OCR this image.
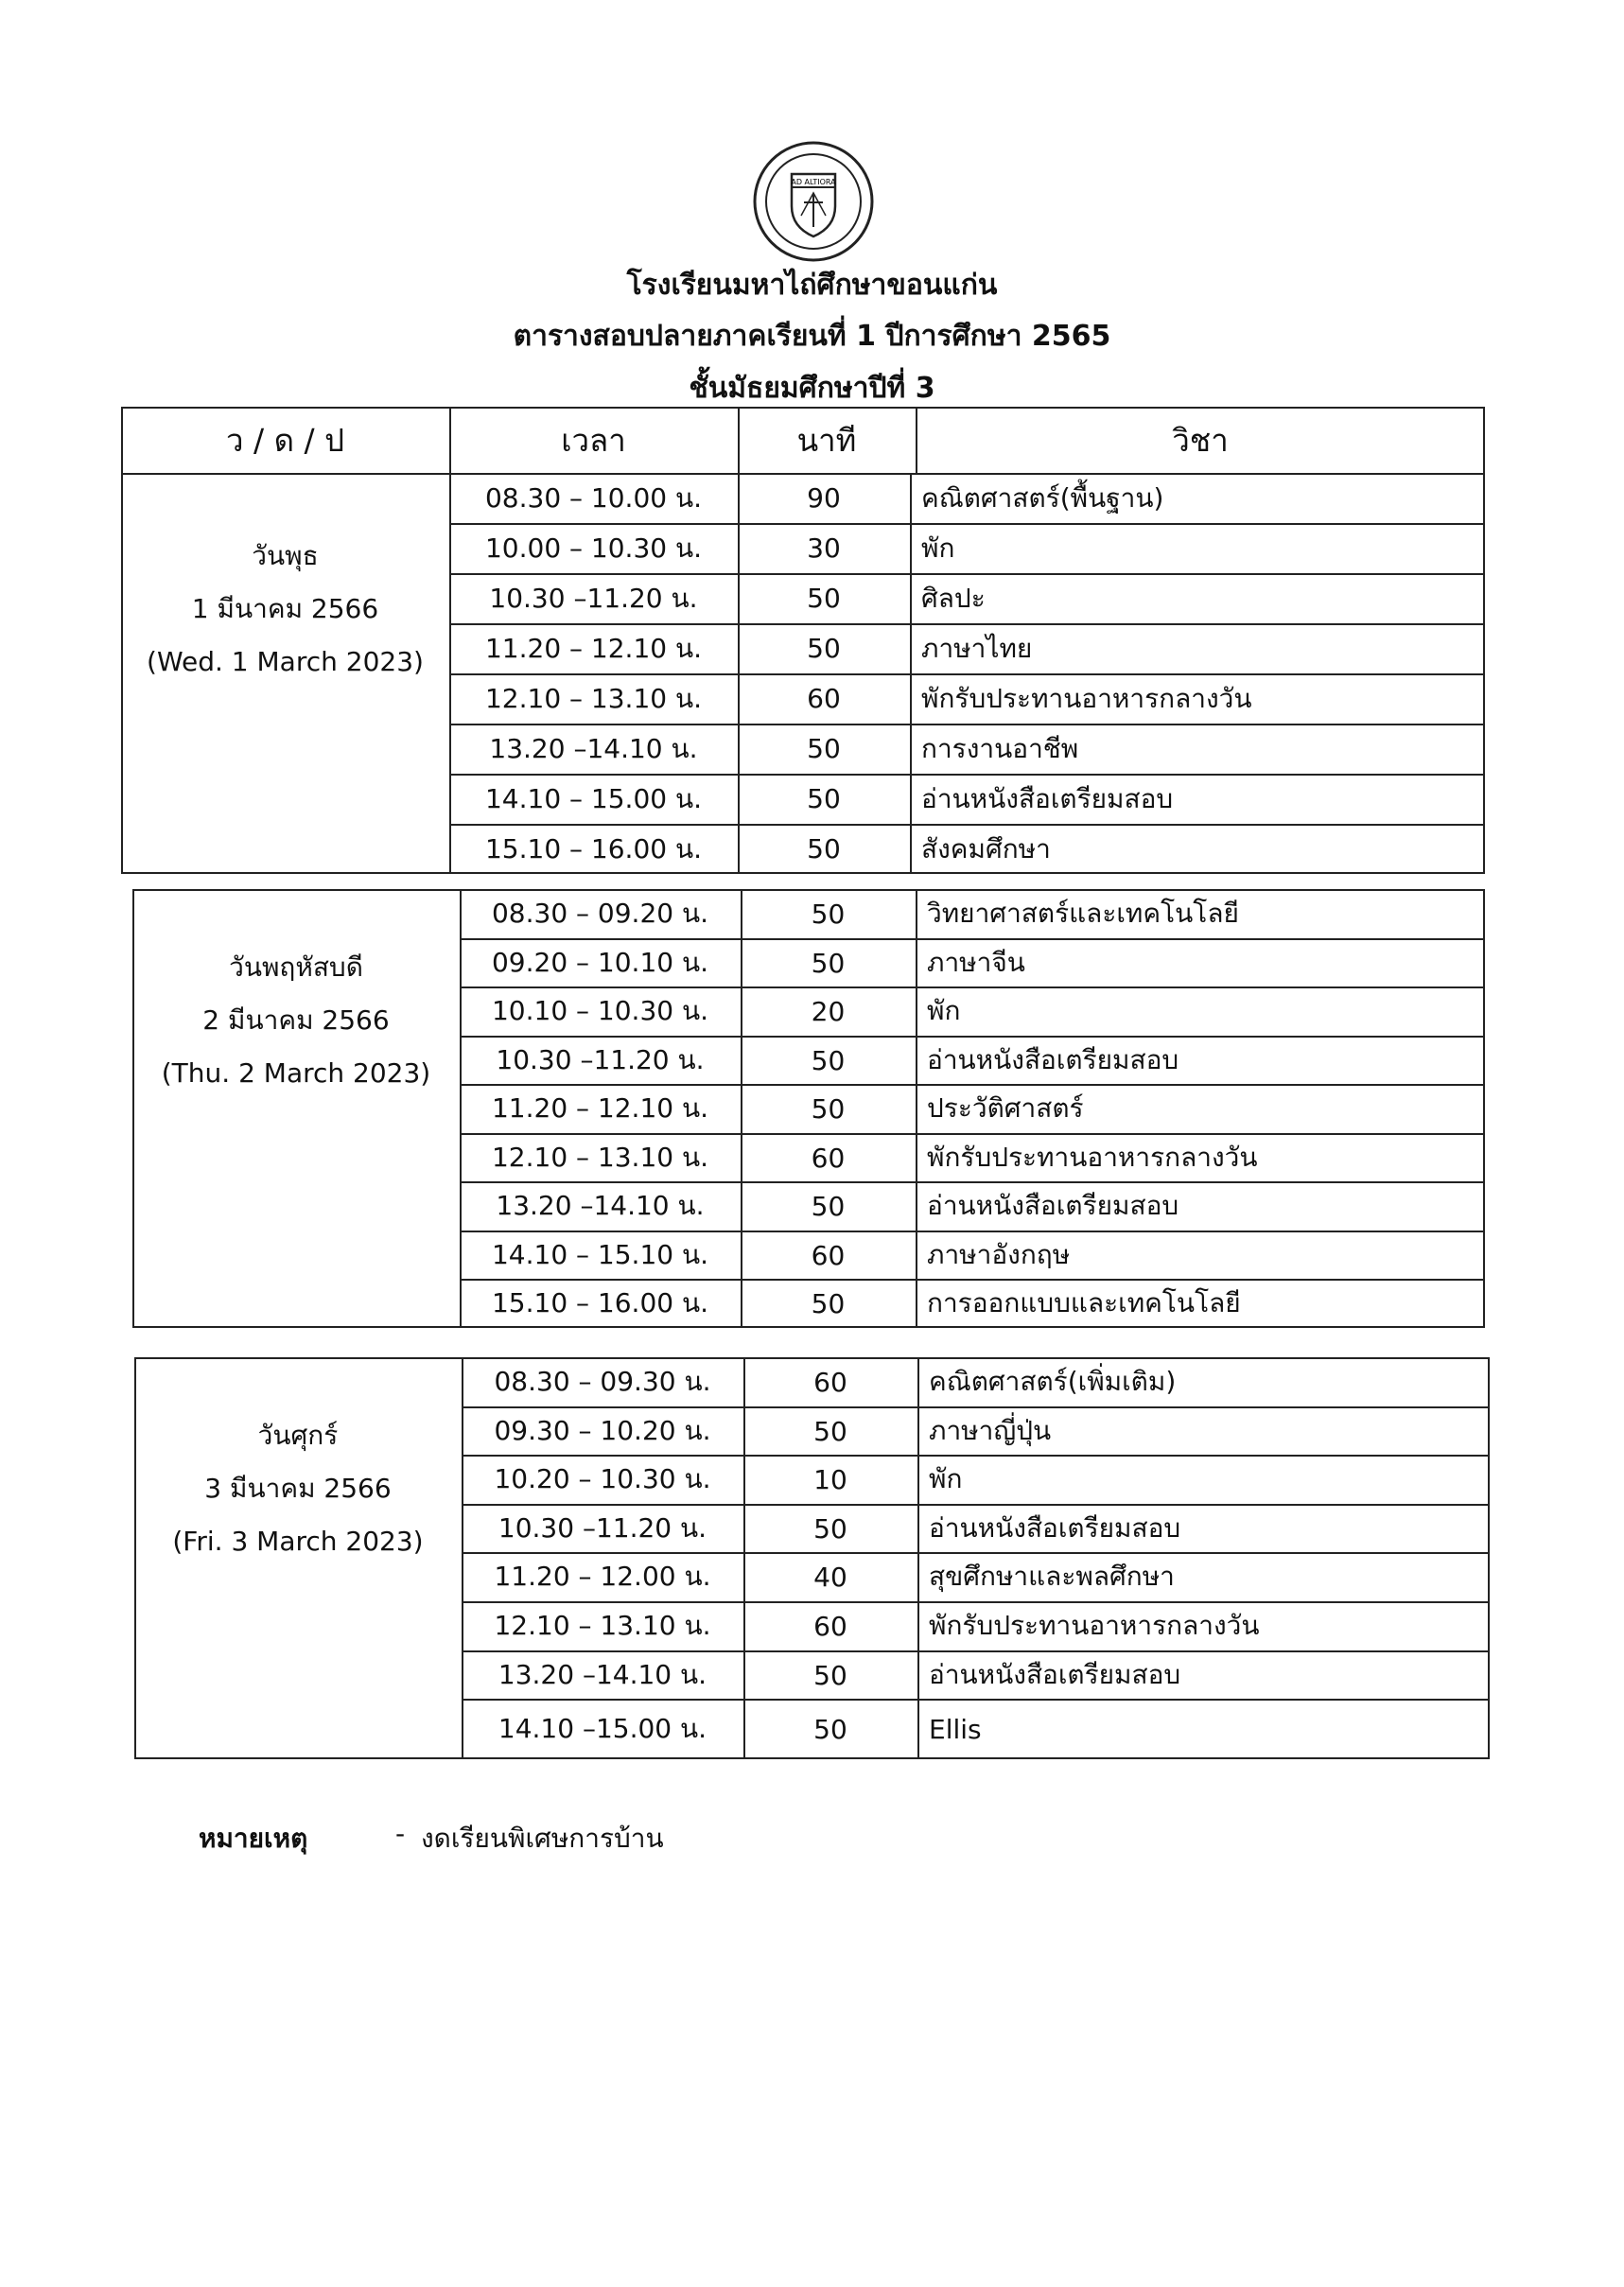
AD ALTIORA
โรงเรียนมหาไถ่ศึกษาขอนแก่น
ตารางสอบปลายภาคเรียนที่ 1 ปีการศึกษา 2565
ชั้นมัธยมศึกษาปีที่ 3
ว / ด / ป	เวลา	นาที	วิชา
วันพุธ
1 มีนาคม 2566
(Wed. 1 March 2023)
08.30 – 10.00 น.	90	คณิตศาสตร์(พื้นฐาน)
10.00 – 10.30 น.	30	พัก
10.30 –11.20 น.	50	ศิลปะ
11.20 – 12.10 น.	50	ภาษาไทย
12.10 – 13.10 น.	60	พักรับประทานอาหารกลางวัน
13.20 –14.10 น.	50	การงานอาชีพ
14.10 – 15.00 น.	50	อ่านหนังสือเตรียมสอบ
15.10 – 16.00 น.	50	สังคมศึกษา
วันพฤหัสบดี
2 มีนาคม 2566
(Thu. 2 March 2023)
08.30 – 09.20 น.	50	วิทยาศาสตร์และเทคโนโลยี
09.20 – 10.10 น.	50	ภาษาจีน
10.10 – 10.30 น.	20	พัก
10.30 –11.20 น.	50	อ่านหนังสือเตรียมสอบ
11.20 – 12.10 น.	50	ประวัติศาสตร์
12.10 – 13.10 น.	60	พักรับประทานอาหารกลางวัน
13.20 –14.10 น.	50	อ่านหนังสือเตรียมสอบ
14.10 – 15.10 น.	60	ภาษาอังกฤษ
15.10 – 16.00 น.	50	การออกแบบและเทคโนโลยี
วันศุกร์
3 มีนาคม 2566
(Fri. 3 March 2023)
08.30 – 09.30 น.	60	คณิตศาสตร์(เพิ่มเติม)
09.30 – 10.20 น.	50	ภาษาญี่ปุ่น
10.20 – 10.30 น.	10	พัก
10.30 –11.20 น.	50	อ่านหนังสือเตรียมสอบ
11.20 – 12.00 น.	40	สุขศึกษาและพลศึกษา
12.10 – 13.10 น.	60	พักรับประทานอาหารกลางวัน
13.20 –14.10 น.	50	อ่านหนังสือเตรียมสอบ
14.10 –15.00 น.	50	Ellis
หมายเหตุ	- งดเรียนพิเศษการบ้าน
